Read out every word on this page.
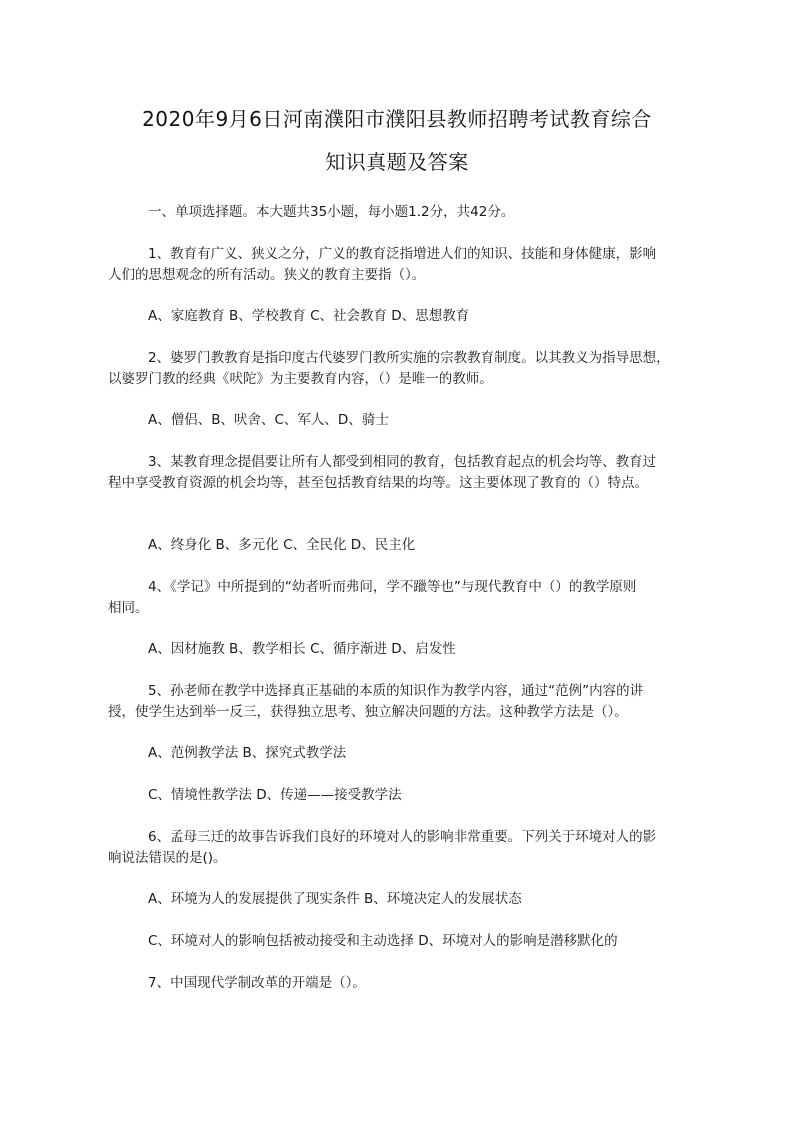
2020年9月6日河南濮阳市濮阳县教师招聘考试教育综合
知识真题及答案
一、单项选择题。本大题共35小题，每小题1.2分，共42分。
1、教育有广义、狭义之分，广义的教育泛指增进人们的知识、技能和身体健康，影响
人们的思想观念的所有活动。狭义的教育主要指（）。
A、家庭教育 B、学校教育 C、社会教育 D、思想教育
2、婆罗门教教育是指印度古代婆罗门教所实施的宗教教育制度。以其教义为指导思想，
以婆罗门教的经典《吠陀》为主要教育内容，（）是唯一的教师。
A、僧侣、B、吠舍、C、军人、D、骑士
3、某教育理念提倡要让所有人都受到相同的教育，包括教育起点的机会均等、教育过
程中享受教育资源的机会均等，甚至包括教育结果的均等。这主要体现了教育的（）特点。
A、终身化 B、多元化 C、全民化 D、民主化
4、《学记》中所提到的“幼者听而弗问，学不躐等也”与现代教育中（）的教学原则
相同。
A、因材施教 B、教学相长 C、循序渐进 D、启发性
5、孙老师在教学中选择真正基础的本质的知识作为教学内容，通过“范例”内容的讲
授，使学生达到举一反三，获得独立思考、独立解决问题的方法。这种教学方法是（）。
A、范例教学法 B、探究式教学法
C、情境性教学法 D、传递——接受教学法
6、孟母三迁的故事告诉我们良好的环境对人的影响非常重要。下列关于环境对人的影
响说法错误的是()。
A、环境为人的发展提供了现实条件 B、环境决定人的发展状态
C、环境对人的影响包括被动接受和主动选择 D、环境对人的影响是潜移默化的
7、中国现代学制改革的开端是（）。
